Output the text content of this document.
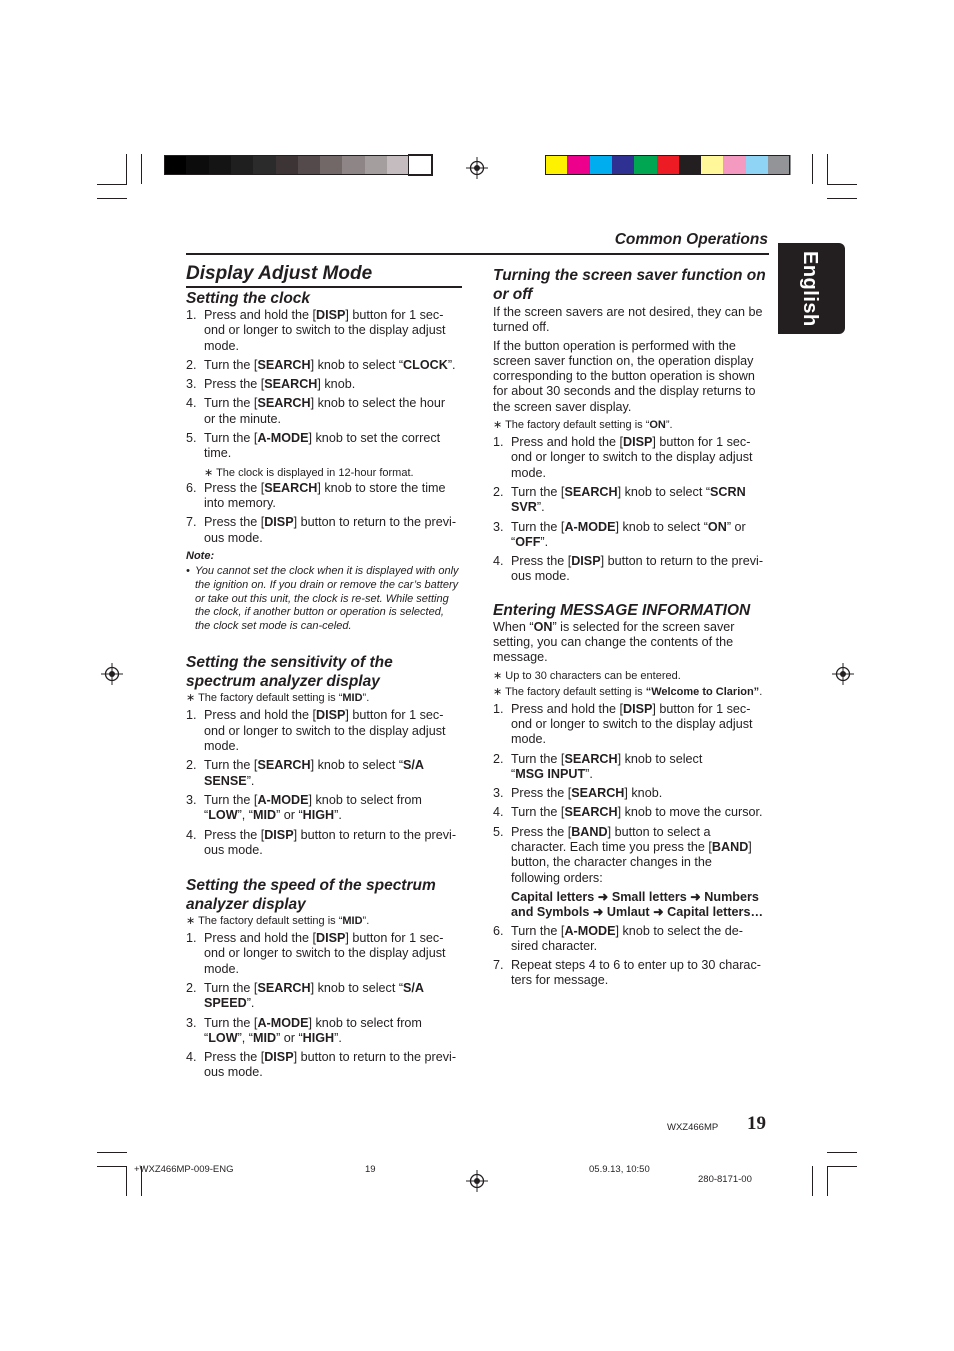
Common Operations
English
Display Adjust Mode
Setting the clock
1. Press and hold the [DISP] button for 1 sec-
ond or longer to switch to the display adjust
mode.
2. Turn the [SEARCH] knob to select “CLOCK”.
3. Press the [SEARCH] knob.
4. Turn the [SEARCH] knob to select the hour
or the minute.
5. Turn the [A-MODE] knob to set the correct
time.
∗ The clock is displayed in 12-hour format.
6. Press the [SEARCH] knob to store the time
into memory.
7. Press the [DISP] button to return to the previ-
ous mode.
Note:
• You cannot set the clock when it is displayed with only the ignition on. If you drain or remove the car’s battery or take out this unit, the clock is re-set. While setting the clock, if another button or operation is selected, the clock set mode is can-celed.
Setting the sensitivity of the spectrum analyzer display
∗ The factory default setting is “MID”.
1. Press and hold the [DISP] button for 1 sec-
ond or longer to switch to the display adjust
mode.
2. Turn the [SEARCH] knob to select “S/A
SENSE”.
3. Turn the [A-MODE] knob to select from
“LOW”, “MID” or “HIGH”.
4. Press the [DISP] button to return to the previ-
ous mode.
Setting the speed of the spectrum analyzer display
∗ The factory default setting is “MID”.
1. Press and hold the [DISP] button for 1 sec-
ond or longer to switch to the display adjust
mode.
2. Turn the [SEARCH] knob to select “S/A
SPEED”.
3. Turn the [A-MODE] knob to select from
“LOW”, “MID” or “HIGH”.
4. Press the [DISP] button to return to the previ-
ous mode.
Turning the screen saver function on or off

If the screen savers are not desired, they can be
turned off.

If the button operation is performed with the
screen saver function on, the operation display
corresponding to the button operation is shown
for about 30 seconds and the display returns to
the screen saver display.

∗ The factory default setting is “ON”.
1. Press and hold the [DISP] button for 1 sec-
ond or longer to switch to the display adjust
mode.
2. Turn the [SEARCH] knob to select “SCRN
SVR”.
3. Turn the [A-MODE] knob to select “ON” or
“OFF”.
4. Press the [DISP] button to return to the previ-
ous mode.
Entering MESSAGE INFORMATION

When “ON” is selected for the screen saver
setting, you can change the contents of the
message.

∗ Up to 30 characters can be entered.
∗ The factory default setting is “Welcome to Clarion”.
1. Press and hold the [DISP] button for 1 sec-
ond or longer to switch to the display adjust
mode.
2. Turn the [SEARCH] knob to select
“MSG INPUT”.
3. Press the [SEARCH] knob.
4. Turn the [SEARCH] knob to move the cursor.
5. Press the [BAND] button to select a
character. Each time you press the [BAND]
button, the character changes in the
following orders:
Capital letters ➜ Small letters ➜ Numbers
and Symbols ➜ Umlaut ➜ Capital letters…
6. Turn the [A-MODE] knob to select the de-
sired character.
7. Repeat steps 4 to 6 to enter up to 30 charac-
ters for message.
WXZ466MP 19
+WXZ466MP-009-ENG	19	05.9.13, 10:50
280-8171-00
